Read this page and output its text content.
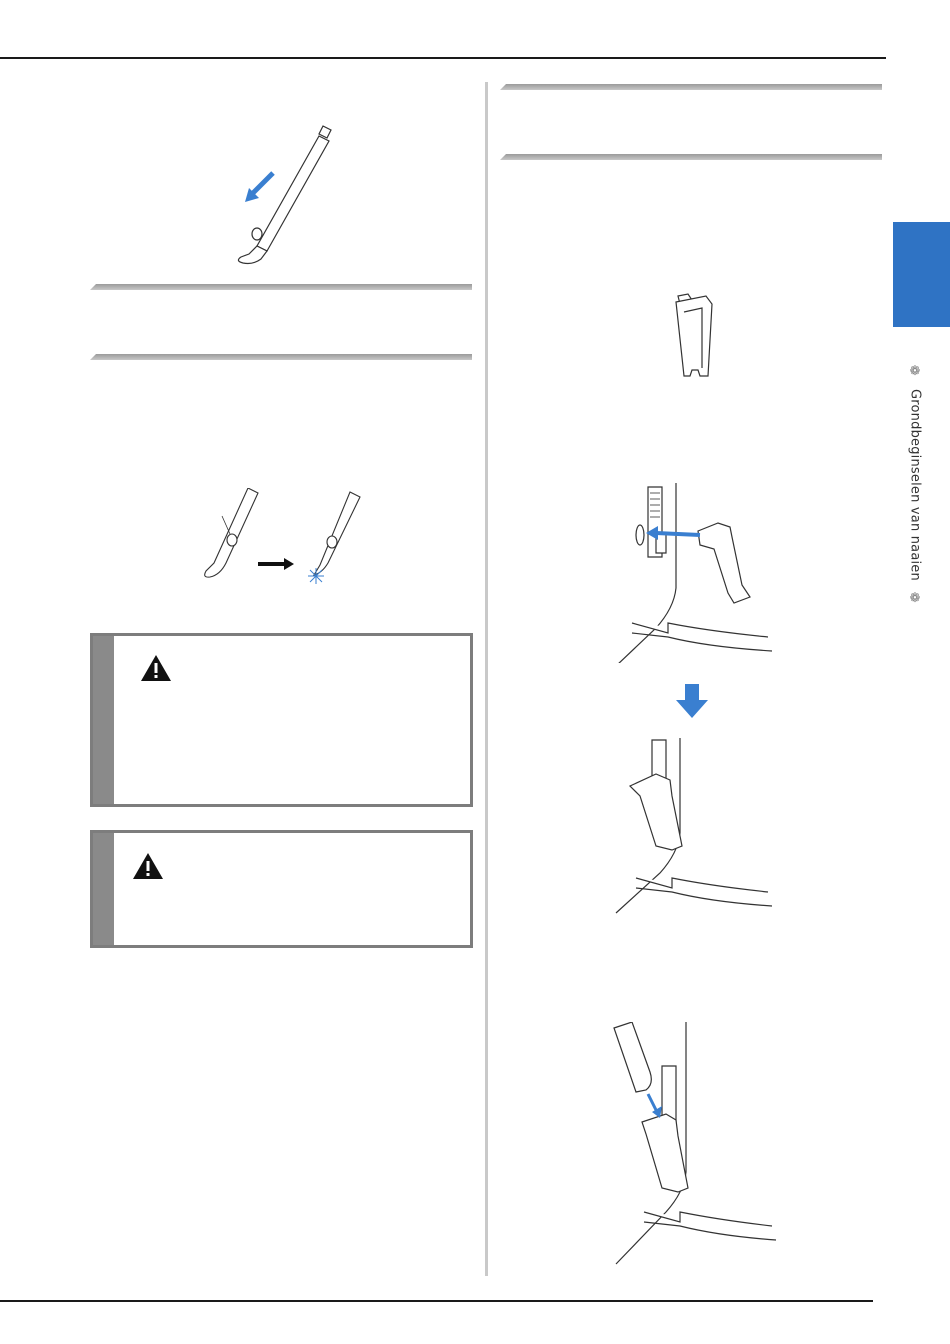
❁
Grondbeginselen van naaien
❁
